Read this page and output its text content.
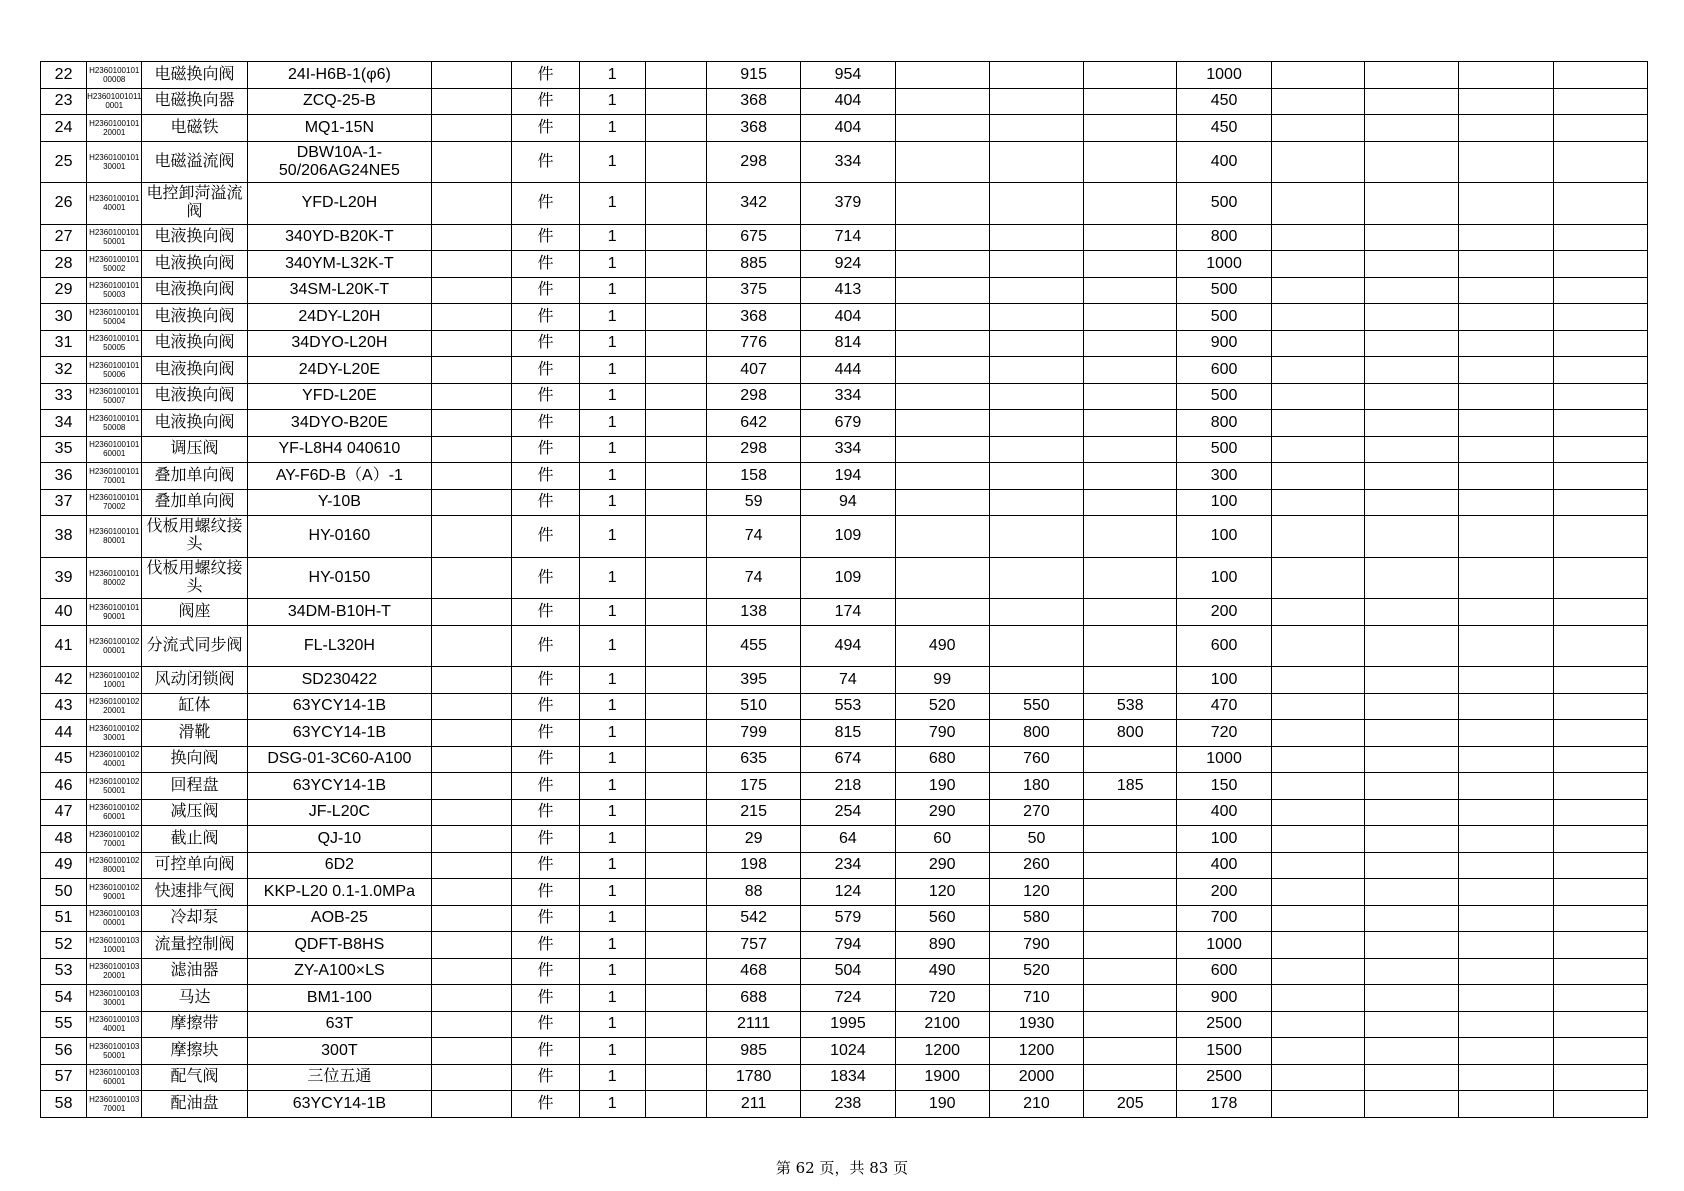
22	H236010010100008	电磁换向阀	24I-H6B-1(φ6)		件	1		915	954				1000				
23	H236010010110001	电磁换向器	ZCQ-25-B		件	1		368	404				450				
24	H236010010120001	电磁铁	MQ1-15N		件	1		368	404				450				
25	H236010010130001	电磁溢流阀	DBW10A-1-50/206AG24NE5		件	1		298	334				400				
26	H236010010140001	电控卸菏溢流阀	YFD-L20H		件	1		342	379				500				
27	H236010010150001	电液换向阀	340YD-B20K-T		件	1		675	714				800				
28	H236010010150002	电液换向阀	340YM-L32K-T		件	1		885	924				1000				
29	H236010010150003	电液换向阀	34SM-L20K-T		件	1		375	413				500				
30	H236010010150004	电液换向阀	24DY-L20H		件	1		368	404				500				
31	H236010010150005	电液换向阀	34DYO-L20H		件	1		776	814				900				
32	H236010010150006	电液换向阀	24DY-L20E		件	1		407	444				600				
33	H236010010150007	电液换向阀	YFD-L20E		件	1		298	334				500				
34	H236010010150008	电液换向阀	34DYO-B20E		件	1		642	679				800				
35	H236010010160001	调压阀	YF-L8H4 040610		件	1		298	334				500				
36	H236010010170001	叠加单向阀	AY-F6D-B（A）-1		件	1		158	194				300				
37	H236010010170002	叠加单向阀	Y-10B		件	1		59	94				100				
38	H236010010180001	伐板用螺纹接头	HY-0160		件	1		74	109				100				
39	H236010010180002	伐板用螺纹接头	HY-0150		件	1		74	109				100				
40	H236010010190001	阀座	34DM-B10H-T		件	1		138	174				200				
41	H236010010200001	分流式同步阀	FL-L320H		件	1		455	494	490			600				
42	H236010010210001	风动闭锁阀	SD230422		件	1		395	74	99			100				
43	H236010010220001	缸体	63YCY14-1B		件	1		510	553	520	550	538	470				
44	H236010010230001	滑靴	63YCY14-1B		件	1		799	815	790	800	800	720				
45	H236010010240001	换向阀	DSG-01-3C60-A100		件	1		635	674	680	760		1000				
46	H236010010250001	回程盘	63YCY14-1B		件	1		175	218	190	180	185	150				
47	H236010010260001	减压阀	JF-L20C		件	1		215	254	290	270		400				
48	H236010010270001	截止阀	QJ-10		件	1		29	64	60	50		100				
49	H236010010280001	可控单向阀	6D2		件	1		198	234	290	260		400				
50	H236010010290001	快速排气阀	KKP-L20 0.1-1.0MPa		件	1		88	124	120	120		200				
51	H236010010300001	冷却泵	AOB-25		件	1		542	579	560	580		700				
52	H236010010310001	流量控制阀	QDFT-B8HS		件	1		757	794	890	790		1000				
53	H236010010320001	滤油器	ZY-A100×LS		件	1		468	504	490	520		600				
54	H236010010330001	马达	BM1-100		件	1		688	724	720	710		900				
55	H236010010340001	摩擦带	63T		件	1		2111	1995	2100	1930		2500				
56	H236010010350001	摩擦块	300T		件	1		985	1024	1200	1200		1500				
57	H236010010360001	配气阀	三位五通		件	1		1780	1834	1900	2000		2500				
58	H236010010370001	配油盘	63YCY14-1B		件	1		211	238	190	210	205	178				
第 62 页，共 83 页
